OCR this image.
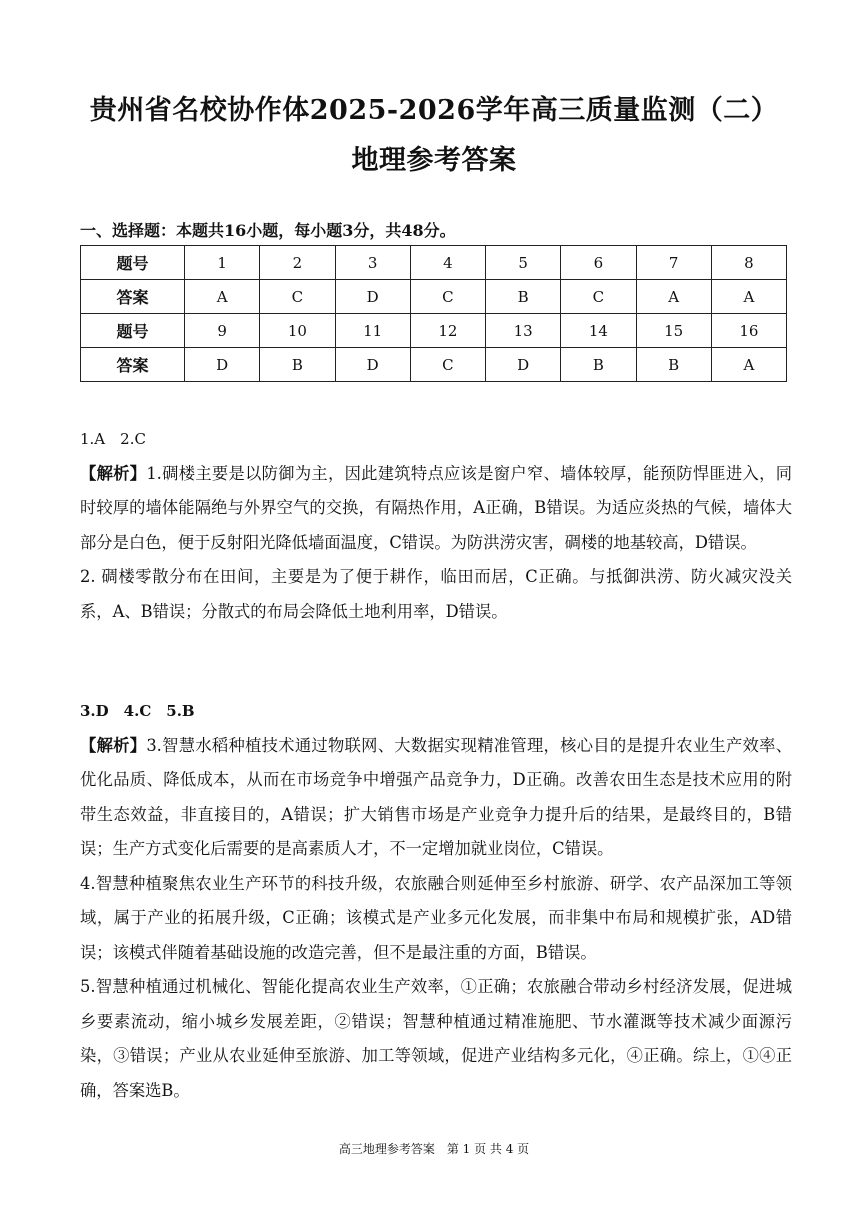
贵州省名校协作体2025-2026学年高三质量监测（二）
地理参考答案
一、选择题：本题共16小题，每小题3分，共48分。
题号	1	2	3	4	5	6	7	8
答案	A	C	D	C	B	C	A	A
题号	9	10	11	12	13	14	15	16
答案	D	B	D	C	D	B	B	A

1.A　2.C

【解析】1.碉楼主要是以防御为主，因此建筑特点应该是窗户窄、墙体较厚，能预防悍匪进入，同时较厚的墙体能隔绝与外界空气的交换，有隔热作用，A正确，B错误。为适应炎热的气候，墙体大部分是白色，便于反射阳光降低墙面温度，C错误。为防洪涝灾害，碉楼的地基较高，D错误。

2. 碉楼零散分布在田间，主要是为了便于耕作，临田而居，C正确。与抵御洪涝、防火减灾没关系，A、B错误；分散式的布局会降低土地利用率，D错误。

3.D　4.C　5.B

【解析】3.智慧水稻种植技术通过物联网、大数据实现精准管理，核心目的是提升农业生产效率、优化品质、降低成本，从而在市场竞争中增强产品竞争力，D正确。改善农田生态是技术应用的附带生态效益，非直接目的，A错误；扩大销售市场是产业竞争力提升后的结果，是最终目的，B错误；生产方式变化后需要的是高素质人才，不一定增加就业岗位，C错误。

4.智慧种植聚焦农业生产环节的科技升级，农旅融合则延伸至乡村旅游、研学、农产品深加工等领域，属于产业的拓展升级，C正确；该模式是产业多元化发展，而非集中布局和规模扩张，AD错误；该模式伴随着基础设施的改造完善，但不是最注重的方面，B错误。

5.智慧种植通过机械化、智能化提高农业生产效率，①正确；农旅融合带动乡村经济发展，促进城乡要素流动，缩小城乡发展差距，②错误；智慧种植通过精准施肥、节水灌溉等技术减少面源污染，③错误；产业从农业延伸至旅游、加工等领域，促进产业结构多元化，④正确。综上，①④正确，答案选B。

高三地理参考答案　第 1 页 共 4 页
